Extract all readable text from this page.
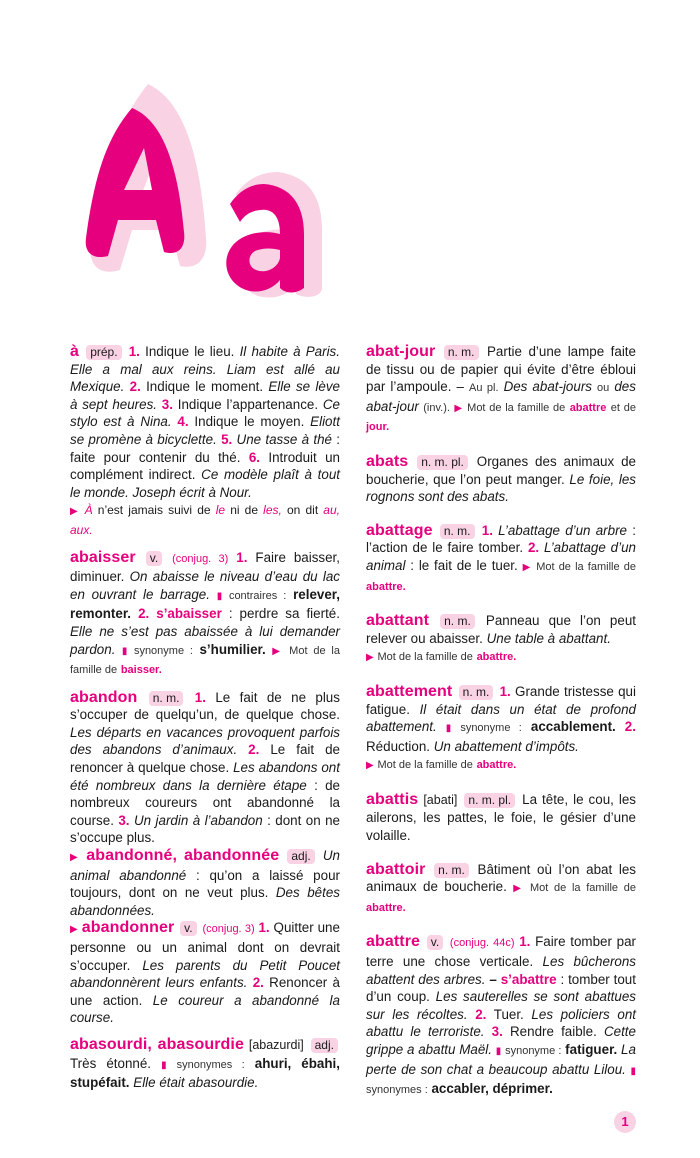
à prép. 1. Indique le lieu. Il habite à Paris. Elle a mal aux reins. Liam est allé au Mexique. 2. Indique le moment. Elle se lève à sept heures. 3. Indique l’appartenance. Ce stylo est à Nina. 4. Indique le moyen. Eliott se promène à bicyclette. 5. Une tasse à thé : faite pour contenir du thé. 6. Introduit un complément indirect. Ce modèle plaît à tout le monde. Joseph écrit à Nour.
▶ À n’est jamais suivi de le ni de les, on dit au, aux.
abaisser v. (conjug. 3) 1. Faire baisser, diminuer. On abaisse le niveau d’eau du lac en ouvrant le barrage. ▮ contraires : relever, remonter. 2. s’abaisser : perdre sa fierté. Elle ne s’est pas abaissée à lui demander pardon. ▮ synonyme : s’humilier. ▶ Mot de la famille de baisser.
abandon n. m. 1. Le fait de ne plus s’occuper de quelqu’un, de quelque chose. Les départs en vacances provoquent parfois des abandons d’animaux. 2. Le fait de renoncer à quelque chose. Les abandons ont été nombreux dans la dernière étape : de nombreux coureurs ont abandonné la course. 3. Un jardin à l’abandon : dont on ne s’occupe plus.
▶ abandonné, abandonnée adj. Un animal abandonné : qu’on a laissé pour toujours, dont on ne veut plus. Des bêtes abandonnées.
▶ abandonner v. (conjug. 3) 1. Quitter une personne ou un animal dont on devrait s’occuper. Les parents du Petit Poucet abandonnèrent leurs enfants. 2. Renoncer à une action. Le coureur a abandonné la course.
abasourdi, abasourdie [abazurdi] adj. Très étonné. ▮ synonymes : ahuri, ébahi, stupéfait. Elle était abasourdie.
abat-jour n. m. Partie d’une lampe faite de tissu ou de papier qui évite d’être ébloui par l’ampoule. – Au pl. Des abat-jours ou des abat-jour (inv.). ▶ Mot de la famille de abattre et de jour.
abats n. m. pl. Organes des animaux de boucherie, que l’on peut manger. Le foie, les rognons sont des abats.
abattage n. m. 1. L’abattage d’un arbre : l’action de le faire tomber. 2. L’abattage d’un animal : le fait de le tuer. ▶ Mot de la famille de abattre.
abattant n. m. Panneau que l’on peut relever ou abaisser. Une table à abattant.
▶ Mot de la famille de abattre.
abattement n. m. 1. Grande tristesse qui fatigue. Il était dans un état de profond abattement. ▮ synonyme : accablement. 2. Réduction. Un abattement d’impôts.
▶ Mot de la famille de abattre.
abattis [abati] n. m. pl. La tête, le cou, les ailerons, les pattes, le foie, le gésier d’une volaille.
abattoir n. m. Bâtiment où l’on abat les animaux de boucherie. ▶ Mot de la famille de abattre.
abattre v. (conjug. 44c) 1. Faire tomber par terre une chose verticale. Les bûcherons abattent des arbres. – s’abattre : tomber tout d’un coup. Les sauterelles se sont abattues sur les récoltes. 2. Tuer. Les policiers ont abattu le terroriste. 3. Rendre faible. Cette grippe a abattu Maël. ▮ synonyme : fatiguer. La perte de son chat a beaucoup abattu Lilou. ▮ synonymes : accabler, déprimer.
1
